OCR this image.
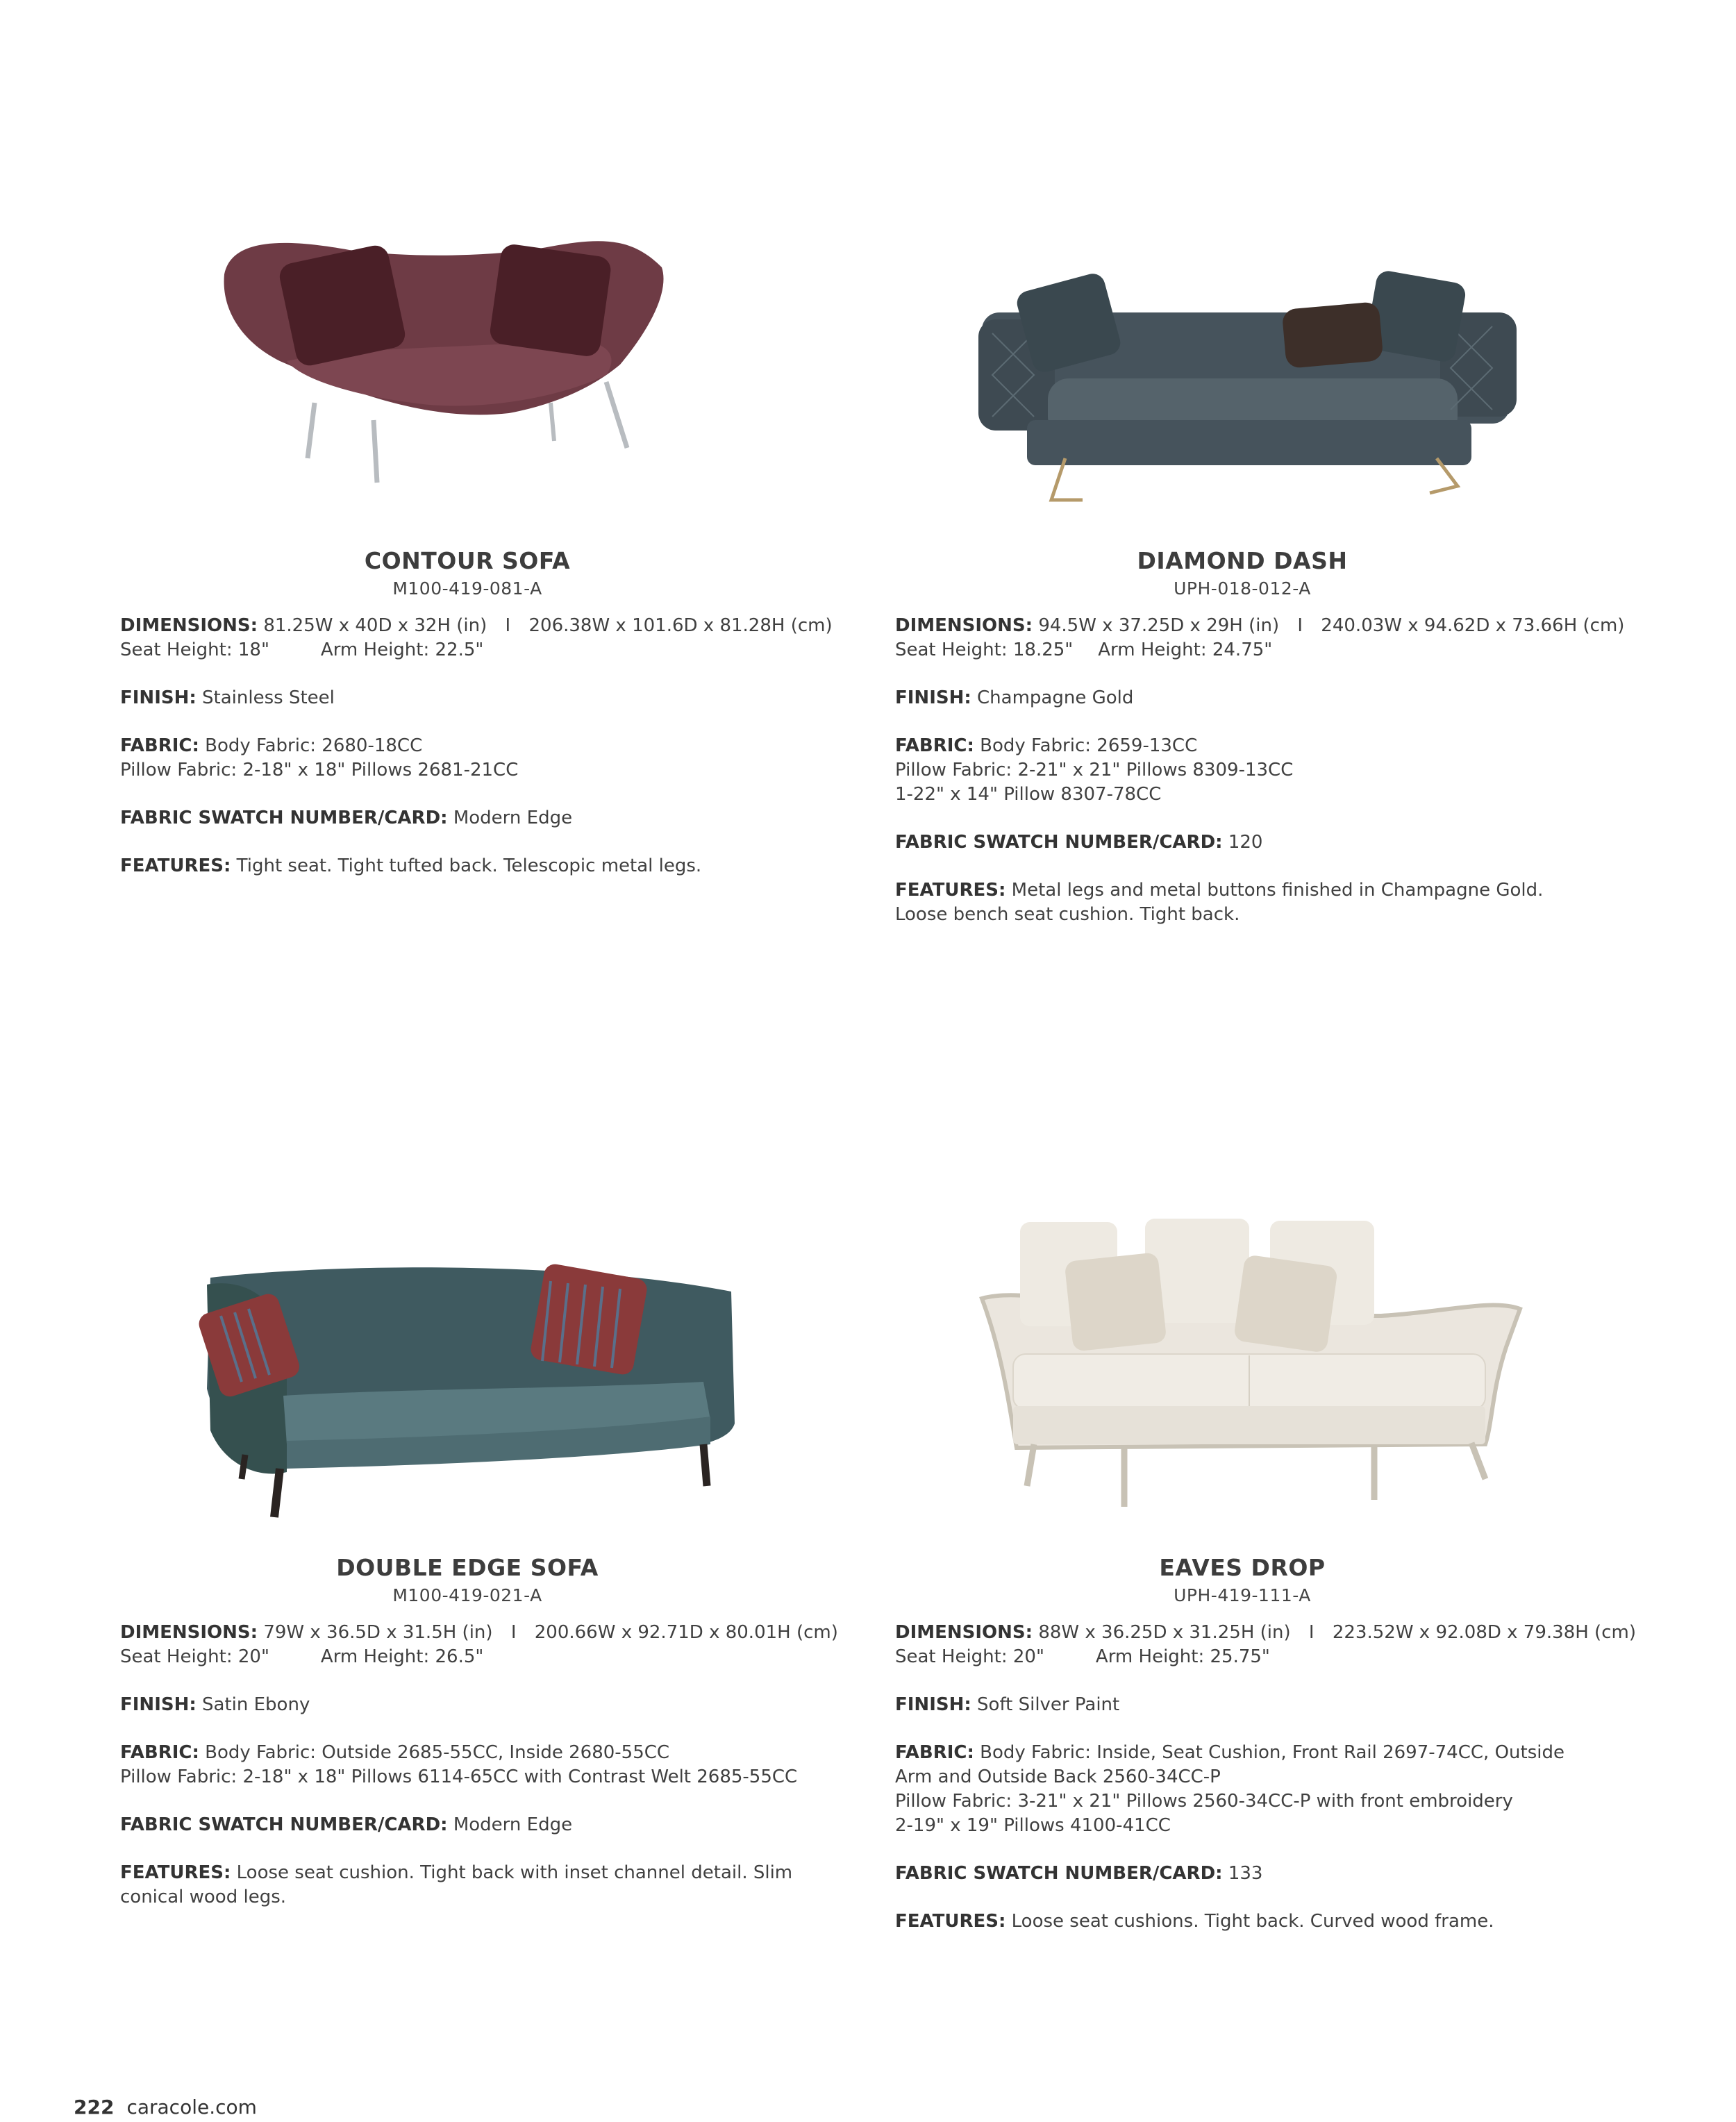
CONTOUR SOFA
M100-419-081-A
DIMENSIONS: 81.25W x 40D x 32H (in) I 206.38W x 101.6D x 81.28H (cm)
Seat Height: 18"	Arm Height: 22.5"
FINISH: Stainless Steel
FABRIC: Body Fabric: 2680-18CC
Pillow Fabric: 2-18" x 18" Pillows 2681-21CC
FABRIC SWATCH NUMBER/CARD: Modern Edge
FEATURES: Tight seat. Tight tufted back. Telescopic metal legs.
DIAMOND DASH
UPH-018-012-A
DIMENSIONS: 94.5W x 37.25D x 29H (in) I 240.03W x 94.62D x 73.66H (cm)
Seat Height: 18.25" Arm Height: 24.75"
FINISH: Champagne Gold
FABRIC: Body Fabric: 2659-13CC
Pillow Fabric: 2-21" x 21" Pillows 8309-13CC
1-22" x 14" Pillow 8307-78CC
FABRIC SWATCH NUMBER/CARD: 120
FEATURES: Metal legs and metal buttons finished in Champagne Gold.
Loose bench seat cushion. Tight back.
DOUBLE EDGE SOFA
M100-419-021-A
DIMENSIONS: 79W x 36.5D x 31.5H (in) I 200.66W x 92.71D x 80.01H (cm)
Seat Height: 20"	Arm Height: 26.5"
FINISH: Satin Ebony
FABRIC: Body Fabric: Outside 2685-55CC, Inside 2680-55CC
Pillow Fabric: 2-18" x 18" Pillows 6114-65CC with Contrast Welt 2685-55CC
FABRIC SWATCH NUMBER/CARD: Modern Edge
FEATURES: Loose seat cushion. Tight back with inset channel detail. Slim
conical wood legs.
EAVES DROP
UPH-419-111-A
DIMENSIONS: 88W x 36.25D x 31.25H (in) I 223.52W x 92.08D x 79.38H (cm)
Seat Height: 20"	Arm Height: 25.75"
FINISH: Soft Silver Paint
FABRIC: Body Fabric: Inside, Seat Cushion, Front Rail 2697-74CC, Outside
Arm and Outside Back 2560-34CC-P
Pillow Fabric: 3-21" x 21" Pillows 2560-34CC-P with front embroidery
2-19" x 19" Pillows 4100-41CC
FABRIC SWATCH NUMBER/CARD: 133
FEATURES: Loose seat cushions. Tight back. Curved wood frame.
222 caracole.com
